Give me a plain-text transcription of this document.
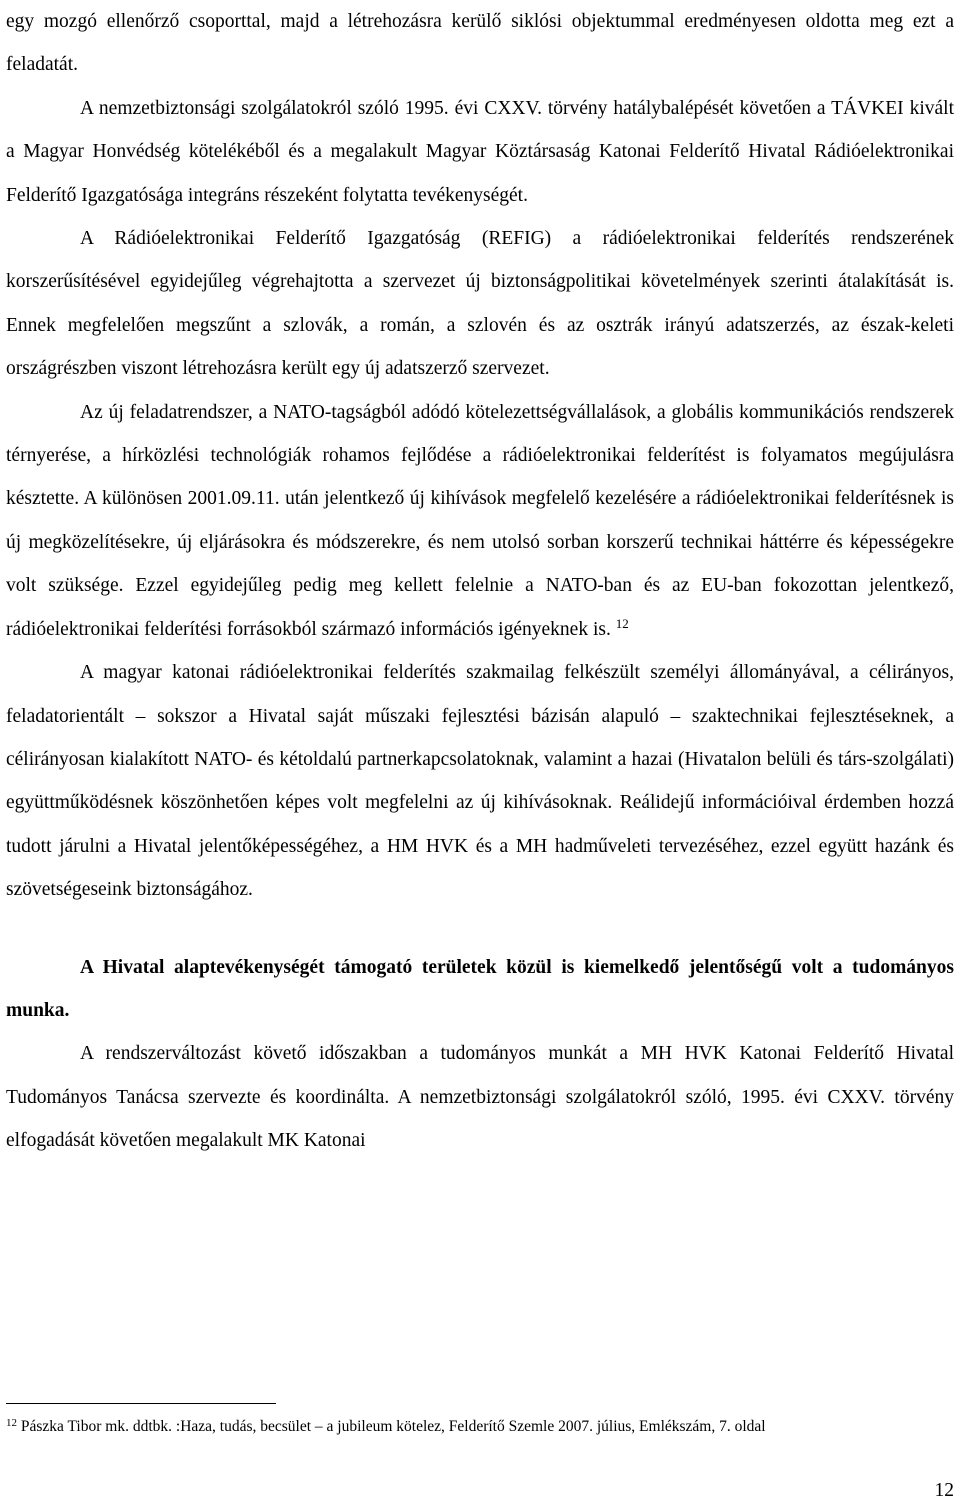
egy mozgó ellenőrző csoporttal, majd a létrehozásra kerülő siklósi objektummal eredményesen oldotta meg ezt a feladatát.

A nemzetbiztonsági szolgálatokról szóló 1995. évi CXXV. törvény hatálybalépését követően a TÁVKEI kivált a Magyar Honvédség kötelékéből és a megalakult Magyar Köztársaság Katonai Felderítő Hivatal Rádióelektronikai Felderítő Igazgatósága integráns részeként folytatta tevékenységét.

A Rádióelektronikai Felderítő Igazgatóság (REFIG) a rádióelektronikai felderítés rendszerének korszerűsítésével egyidejűleg végrehajtotta a szervezet új biztonságpolitikai követelmények szerinti átalakítását is. Ennek megfelelően megszűnt a szlovák, a román, a szlovén és az osztrák irányú adatszerzés, az észak-keleti országrészben viszont létrehozásra került egy új adatszerző szervezet.

Az új feladatrendszer, a NATO-tagságból adódó kötelezettségvállalások, a globális kommunikációs rendszerek térnyerése, a hírközlési technológiák rohamos fejlődése a rádióelektronikai felderítést is folyamatos megújulásra késztette. A különösen 2001.09.11. után jelentkező új kihívások megfelelő kezelésére a rádióelektronikai felderítésnek is új megközelítésekre, új eljárásokra és módszerekre, és nem utolsó sorban korszerű technikai háttérre és képességekre volt szüksége. Ezzel egyidejűleg pedig meg kellett felelnie a NATO-ban és az EU-ban fokozottan jelentkező, rádióelektronikai felderítési forrásokból származó információs igényeknek is. $^{12}$

A magyar katonai rádióelektronikai felderítés szakmailag felkészült személyi állományával, a célirányos, feladatorientált – sokszor a Hivatal saját műszaki fejlesztési bázisán alapuló – szaktechnikai fejlesztéseknek, a célirányosan kialakított NATO- és kétoldalú partnerkapcsolatoknak, valamint a hazai (Hivatalon belüli és társ-szolgálati) együttműködésnek köszönhetően képes volt megfelelni az új kihívásoknak. Reálidejű információival érdemben hozzá tudott járulni a Hivatal jelentőképességéhez, a HM HVK és a MH hadműveleti tervezéséhez, ezzel együtt hazánk és szövetségeseink biztonságához.

A Hivatal alaptevékenységét támogató területek közül is kiemelkedő jelentőségű volt a tudományos munka.

A rendszerváltozást követő időszakban a tudományos munkát a MH HVK Katonai Felderítő Hivatal Tudományos Tanácsa szervezte és koordinálta. A nemzetbiztonsági szolgálatokról szóló, 1995. évi CXXV. törvény elfogadását követően megalakult MK Katonai

$^{12}$ Pászka Tibor mk. ddtbk. :Haza, tudás, becsület – a jubileum kötelez, Felderítő Szemle 2007. július, Emlékszám, 7. oldal

12
